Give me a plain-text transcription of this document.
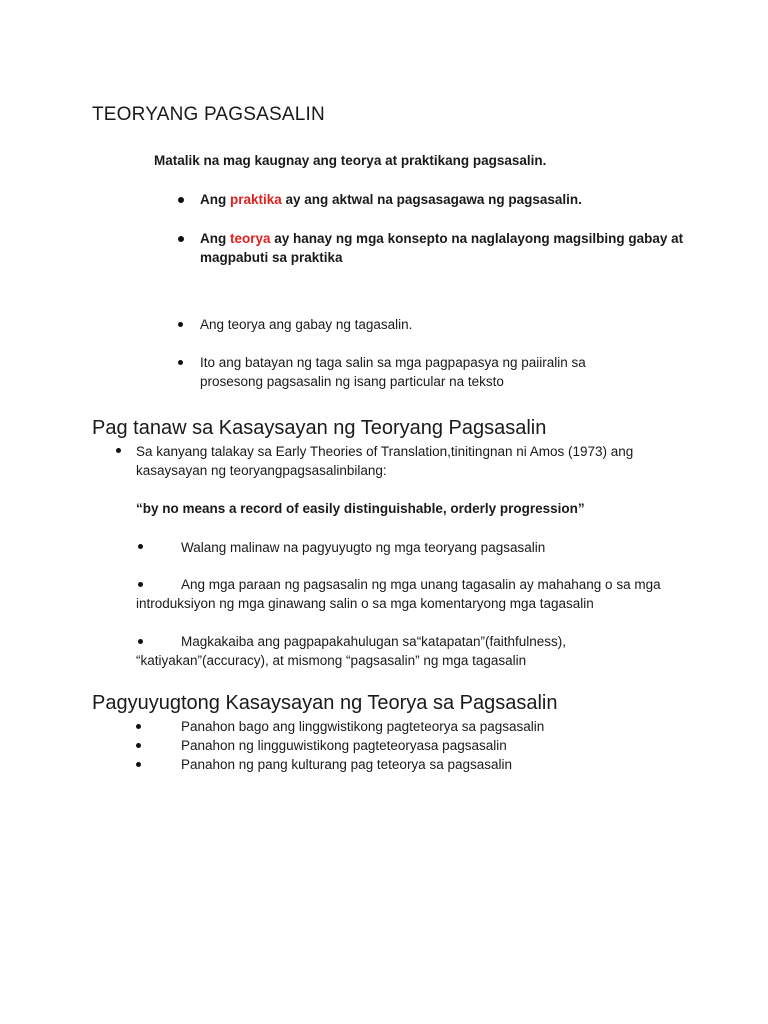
TEORYANG PAGSASALIN
Matalik na mag kaugnay ang teorya at praktikang pagsasalin.
Ang praktika ay ang aktwal na pagsasagawa ng pagsasalin.
Ang teorya ay hanay ng mga konsepto na naglalayong magsilbing gabay at
magpabuti sa praktika
Ang teorya ang gabay ng tagasalin.
Ito ang batayan ng taga salin sa mga pagpapasya ng paiiralin sa
prosesong pagsasalin ng isang particular na teksto
Pag tanaw sa Kasaysayan ng Teoryang Pagsasalin
Sa kanyang talakay sa Early Theories of Translation,tinitingnan ni Amos (1973) ang
kasaysayan ng teoryangpagsasalinbilang:
“by no means a record of easily distinguishable, orderly progression”
Walang malinaw na pagyuyugto ng mga teoryang pagsasalin
Ang mga paraan ng pagsasalin ng mga unang tagasalin ay mahahang o sa mga
introduksiyon ng mga ginawang salin o sa mga komentaryong mga tagasalin
Magkakaiba ang pagpapakahulugan sa“katapatan”(faithfulness),
“katiyakan”(accuracy), at mismong “pagsasalin” ng mga tagasalin
Pagyuyugtong Kasaysayan ng Teorya sa Pagsasalin
Panahon bago ang linggwistikong pagteteorya sa pagsasalin
Panahon ng lingguwistikong pagteteoryasa pagsasalin
Panahon ng pang kulturang pag teteorya sa pagsasalin
